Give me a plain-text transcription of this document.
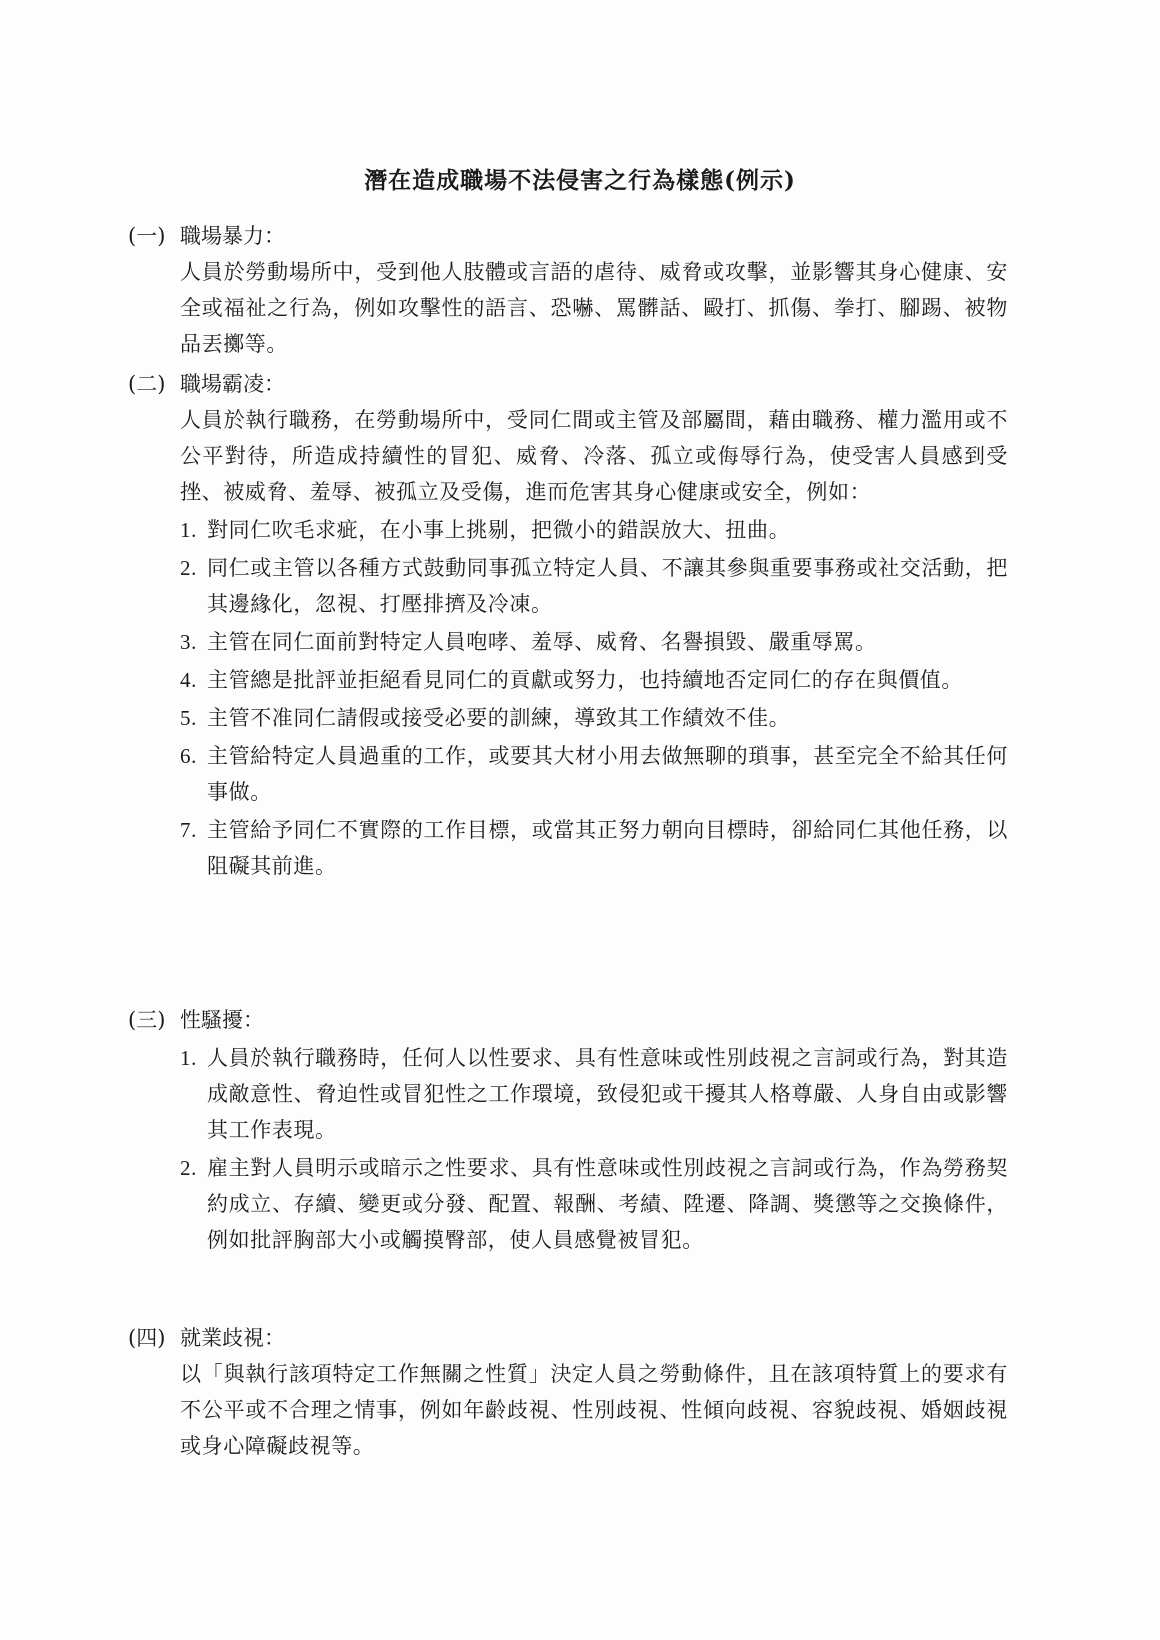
潛在造成職場不法侵害之行為樣態(例示)
(一) 職場暴力：
人員於勞動場所中，受到他人肢體或言語的虐待、威脅或攻擊，並影響其身心健康、安全或福祉之行為，例如攻擊性的語言、恐嚇、罵髒話、毆打、抓傷、拳打、腳踢、被物品丟擲等。
(二) 職場霸凌：
人員於執行職務，在勞動場所中，受同仁間或主管及部屬間，藉由職務、權力濫用或不公平對待，所造成持續性的冒犯、威脅、冷落、孤立或侮辱行為，使受害人員感到受挫、被威脅、羞辱、被孤立及受傷，進而危害其身心健康或安全，例如：
1. 對同仁吹毛求疵，在小事上挑剔，把微小的錯誤放大、扭曲。
2. 同仁或主管以各種方式鼓動同事孤立特定人員、不讓其參與重要事務或社交活動，把其邊緣化，忽視、打壓排擠及冷凍。
3. 主管在同仁面前對特定人員咆哮、羞辱、威脅、名譽損毀、嚴重辱罵。
4. 主管總是批評並拒絕看見同仁的貢獻或努力，也持續地否定同仁的存在與價值。
5. 主管不准同仁請假或接受必要的訓練，導致其工作績效不佳。
6. 主管給特定人員過重的工作，或要其大材小用去做無聊的瑣事，甚至完全不給其任何事做。
7. 主管給予同仁不實際的工作目標，或當其正努力朝向目標時，卻給同仁其他任務，以阻礙其前進。
(三) 性騷擾：
1. 人員於執行職務時，任何人以性要求、具有性意味或性別歧視之言詞或行為，對其造成敵意性、脅迫性或冒犯性之工作環境，致侵犯或干擾其人格尊嚴、人身自由或影響其工作表現。
2. 雇主對人員明示或暗示之性要求、具有性意味或性別歧視之言詞或行為，作為勞務契約成立、存續、變更或分發、配置、報酬、考績、陞遷、降調、獎懲等之交換條件，例如批評胸部大小或觸摸臀部，使人員感覺被冒犯。
(四) 就業歧視：
以「與執行該項特定工作無關之性質」決定人員之勞動條件，且在該項特質上的要求有不公平或不合理之情事，例如年齡歧視、性別歧視、性傾向歧視、容貌歧視、婚姻歧視或身心障礙歧視等。
